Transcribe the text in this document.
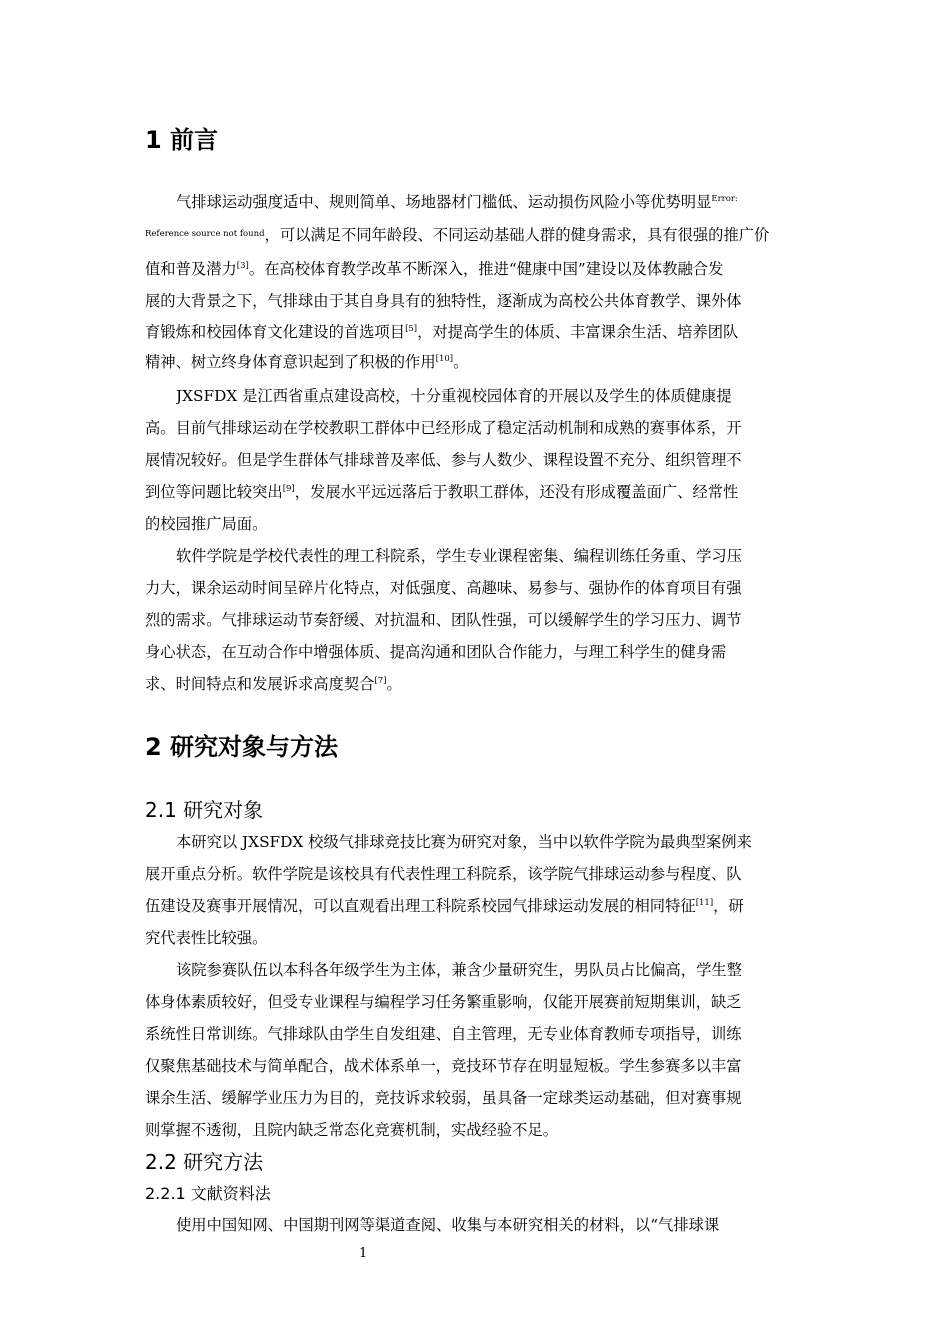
1 前言
气排球运动强度适中、规则简单、场地器材门槛低、运动损伤风险小等优势明显$^{Error:}$
$^{Reference source not found}$，可以满足不同年龄段、不同运动基础人群的健身需求，具有很强的推广价
值和普及潜力[3]。在高校体育教学改革不断深入，推进“健康中国”建设以及体教融合发
展的大背景之下，气排球由于其自身具有的独特性，逐渐成为高校公共体育教学、课外体
育锻炼和校园体育文化建设的首选项目[5]，对提高学生的体质、丰富课余生活、培养团队
精神、树立终身体育意识起到了积极的作用[10]。
JXSFDX 是江西省重点建设高校，十分重视校园体育的开展以及学生的体质健康提
高。目前气排球运动在学校教职工群体中已经形成了稳定活动机制和成熟的赛事体系，开
展情况较好。但是学生群体气排球普及率低、参与人数少、课程设置不充分、组织管理不
到位等问题比较突出[9]，发展水平远远落后于教职工群体，还没有形成覆盖面广、经常性
的校园推广局面。
软件学院是学校代表性的理工科院系，学生专业课程密集、编程训练任务重、学习压
力大，课余运动时间呈碎片化特点，对低强度、高趣味、易参与、强协作的体育项目有强
烈的需求。气排球运动节奏舒缓、对抗温和、团队性强，可以缓解学生的学习压力、调节
身心状态，在互动合作中增强体质、提高沟通和团队合作能力，与理工科学生的健身需
求、时间特点和发展诉求高度契合[7]。
2 研究对象与方法
2.1 研究对象
本研究以 JXSFDX 校级气排球竞技比赛为研究对象，当中以软件学院为最典型案例来
展开重点分析。软件学院是该校具有代表性理工科院系，该学院气排球运动参与程度、队
伍建设及赛事开展情况，可以直观看出理工科院系校园气排球运动发展的相同特征[11]，研
究代表性比较强。
该院参赛队伍以本科各年级学生为主体，兼含少量研究生，男队员占比偏高，学生整
体身体素质较好，但受专业课程与编程学习任务繁重影响，仅能开展赛前短期集训，缺乏
系统性日常训练。气排球队由学生自发组建、自主管理，无专业体育教师专项指导，训练
仅聚焦基础技术与简单配合，战术体系单一，竞技环节存在明显短板。学生参赛多以丰富
课余生活、缓解学业压力为目的，竞技诉求较弱，虽具备一定球类运动基础，但对赛事规
则掌握不透彻，且院内缺乏常态化竞赛机制，实战经验不足。
2.2 研究方法
2.2.1 文献资料法
使用中国知网、中国期刊网等渠道查阅、收集与本研究相关的材料，以“气排球课
1
